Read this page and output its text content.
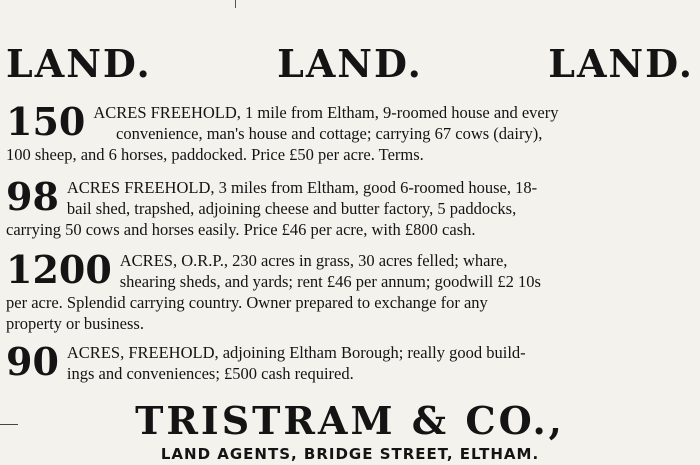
LAND.	LAND.	LAND.
150 ACRES FREEHOLD, 1 mile from Eltham, 9-roomed house and every
convenience, man's house and cottage; carrying 67 cows (dairy),
100 sheep, and 6 horses, paddocked. Price £50 per acre. Terms.
98 ACRES FREEHOLD, 3 miles from Eltham, good 6-roomed house, 18-
bail shed, trapshed, adjoining cheese and butter factory, 5 paddocks,
carrying 50 cows and horses easily. Price £46 per acre, with £800 cash.
1200 ACRES, O.R.P., 230 acres in grass, 30 acres felled; whare,
shearing sheds, and yards; rent £46 per annum; goodwill £2 10s
per acre. Splendid carrying country. Owner prepared to exchange for any
property or business.
90 ACRES, FREEHOLD, adjoining Eltham Borough; really good build-
ings and conveniences; £500 cash required.
TRISTRAM & CO.,
LAND AGENTS, BRIDGE STREET, ELTHAM.
